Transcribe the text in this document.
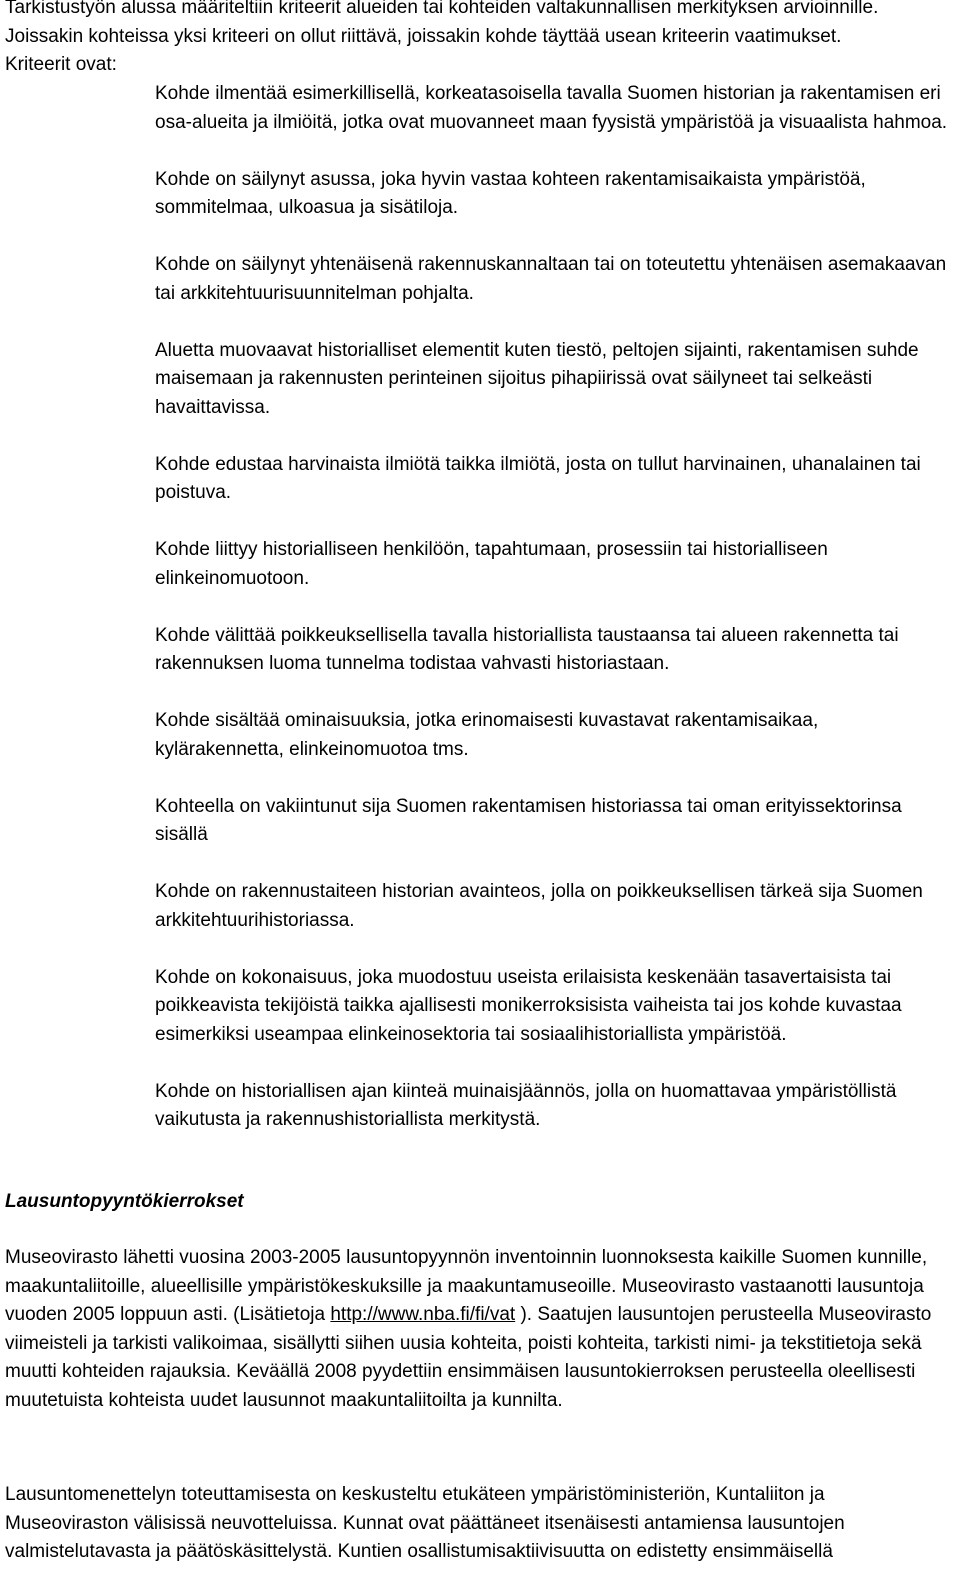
Tarkistustyön alussa määriteltiin kriteerit alueiden tai kohteiden valtakunnallisen merkityksen arvioinnille.
Joissakin kohteissa yksi kriteeri on ollut riittävä, joissakin kohde täyttää usean kriteerin vaatimukset.
Kriteerit ovat:

Kohde ilmentää esimerkillisellä, korkeatasoisella tavalla Suomen historian ja rakentamisen eri osa-alueita ja ilmiöitä, jotka ovat muovanneet maan fyysistä ympäristöä ja visuaalista hahmoa.
Kohde on säilynyt asussa, joka hyvin vastaa kohteen rakentamisaikaista ympäristöä, sommitelmaa, ulkoasua ja sisätiloja.
Kohde on säilynyt yhtenäisenä rakennuskannaltaan tai on toteutettu yhtenäisen asemakaavan tai arkkitehtuurisuunnitelman pohjalta.
Aluetta muovaavat historialliset elementit kuten tiestö, peltojen sijainti, rakentamisen suhde maisemaan ja rakennusten perinteinen sijoitus pihapiirissä ovat säilyneet tai selkeästi havaittavissa.
Kohde edustaa harvinaista ilmiötä taikka ilmiötä, josta on tullut harvinainen, uhanalainen tai poistuva.
Kohde liittyy historialliseen henkilöön, tapahtumaan, prosessiin tai historialliseen elinkeinomuotoon.
Kohde välittää poikkeuksellisella tavalla historiallista taustaansa tai alueen rakennetta tai rakennuksen luoma tunnelma todistaa vahvasti historiastaan.
Kohde sisältää ominaisuuksia, jotka erinomaisesti kuvastavat rakentamisaikaa, kylärakennetta, elinkeinomuotoa tms.
Kohteella on vakiintunut sija Suomen rakentamisen historiassa tai oman erityissektorinsa sisällä
Kohde on rakennustaiteen historian avainteos, jolla on poikkeuksellisen tärkeä sija Suomen arkkitehtuurihistoriassa.
Kohde on kokonaisuus, joka muodostuu useista erilaisista keskenään tasavertaisista tai poikkeavista tekijöistä taikka ajallisesti monikerroksisista vaiheista tai jos kohde kuvastaa esimerkiksi useampaa elinkeinosektoria tai sosiaalihistoriallista ympäristöä.
Kohde on historiallisen ajan kiinteä muinaisjäännös, jolla on huomattavaa ympäristöllistä vaikutusta ja rakennushistoriallista merkitystä.
Lausuntopyyntökierrokset

Museovirasto lähetti vuosina 2003-2005 lausuntopyynnön inventoinnin luonnoksesta kaikille Suomen kunnille, maakuntaliitoille, alueellisille ympäristökeskuksille ja maakuntamuseoille. Museovirasto vastaanotti lausuntoja vuoden 2005 loppuun asti. (Lisätietoja http://www.nba.fi/fi/vat ). Saatujen lausuntojen perusteella Museovirasto viimeisteli ja tarkisti valikoimaa, sisällytti siihen uusia kohteita, poisti kohteita, tarkisti nimi- ja tekstitietoja sekä muutti kohteiden rajauksia. Keväällä 2008 pyydettiin ensimmäisen lausuntokierroksen perusteella oleellisesti muutetuista kohteista uudet lausunnot maakuntaliitoilta ja kunnilta.

Lausuntomenettelyn toteuttamisesta on keskusteltu etukäteen ympäristöministeriön, Kuntaliiton ja Museoviraston välisissä neuvotteluissa. Kunnat ovat päättäneet itsenäisesti antamiensa lausuntojen valmistelutavasta ja päätöskäsittelystä. Kuntien osallistumisaktiivisuutta on edistetty ensimmäisellä
